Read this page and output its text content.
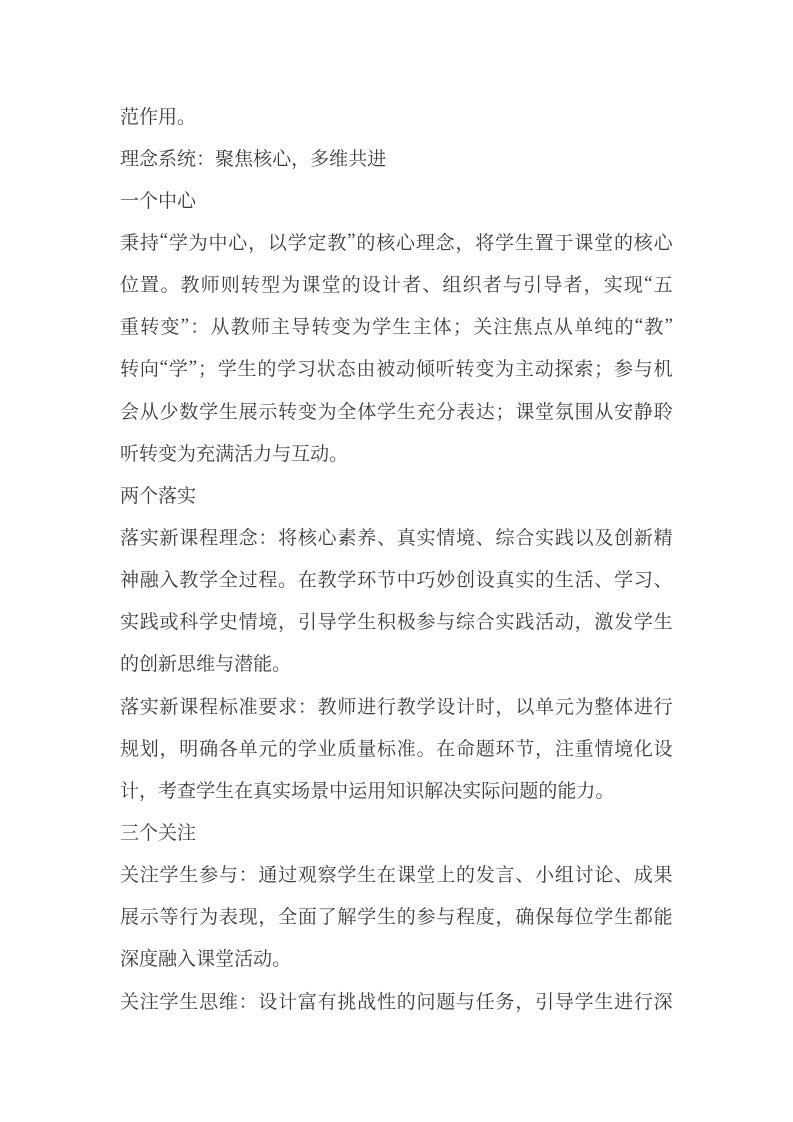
范 作 用 。
理 念 系 统 ： 聚 焦 核 心 ， 多 维 共 进
一 个 中 心
秉 持 “ 学 为 中 心 ， 以 学 定 教 ” 的 核 心 理 念 ， 将 学 生 置 于 课 堂 的 核 心
位 置 。 教 师 则 转 型 为 课 堂 的 设 计 者 、 组 织 者 与 引 导 者 ， 实 现 “ 五
重 转 变 ” ： 从 教 师 主 导 转 变 为 学 生 主 体 ； 关 注 焦 点 从 单 纯 的 “ 教 ”
转 向 “ 学 ” ； 学 生 的 学 习 状 态 由 被 动 倾 听 转 变 为 主 动 探 索 ； 参 与 机
会 从 少 数 学 生 展 示 转 变 为 全 体 学 生 充 分 表 达 ； 课 堂 氛 围 从 安 静 聆
听 转 变 为 充 满 活 力 与 互 动 。
两 个 落 实
落 实 新 课 程 理 念 ： 将 核 心 素 养 、 真 实 情 境 、 综 合 实 践 以 及 创 新 精
神 融 入 教 学 全 过 程 。 在 教 学 环 节 中 巧 妙 创 设 真 实 的 生 活 、 学 习 、
实 践 或 科 学 史 情 境 ， 引 导 学 生 积 极 参 与 综 合 实 践 活 动 ， 激 发 学 生
的 创 新 思 维 与 潜 能 。
落 实 新 课 程 标 准 要 求 ： 教 师 进 行 教 学 设 计 时 ， 以 单 元 为 整 体 进 行
规 划 ， 明 确 各 单 元 的 学 业 质 量 标 准 。 在 命 题 环 节 ， 注 重 情 境 化 设
计 ， 考 查 学 生 在 真 实 场 景 中 运 用 知 识 解 决 实 际 问 题 的 能 力 。
三 个 关 注
关 注 学 生 参 与 ： 通 过 观 察 学 生 在 课 堂 上 的 发 言 、 小 组 讨 论 、 成 果
展 示 等 行 为 表 现 ， 全 面 了 解 学 生 的 参 与 程 度 ， 确 保 每 位 学 生 都 能
深 度 融 入 课 堂 活 动 。
关 注 学 生 思 维 ： 设 计 富 有 挑 战 性 的 问 题 与 任 务 ， 引 导 学 生 进 行 深
